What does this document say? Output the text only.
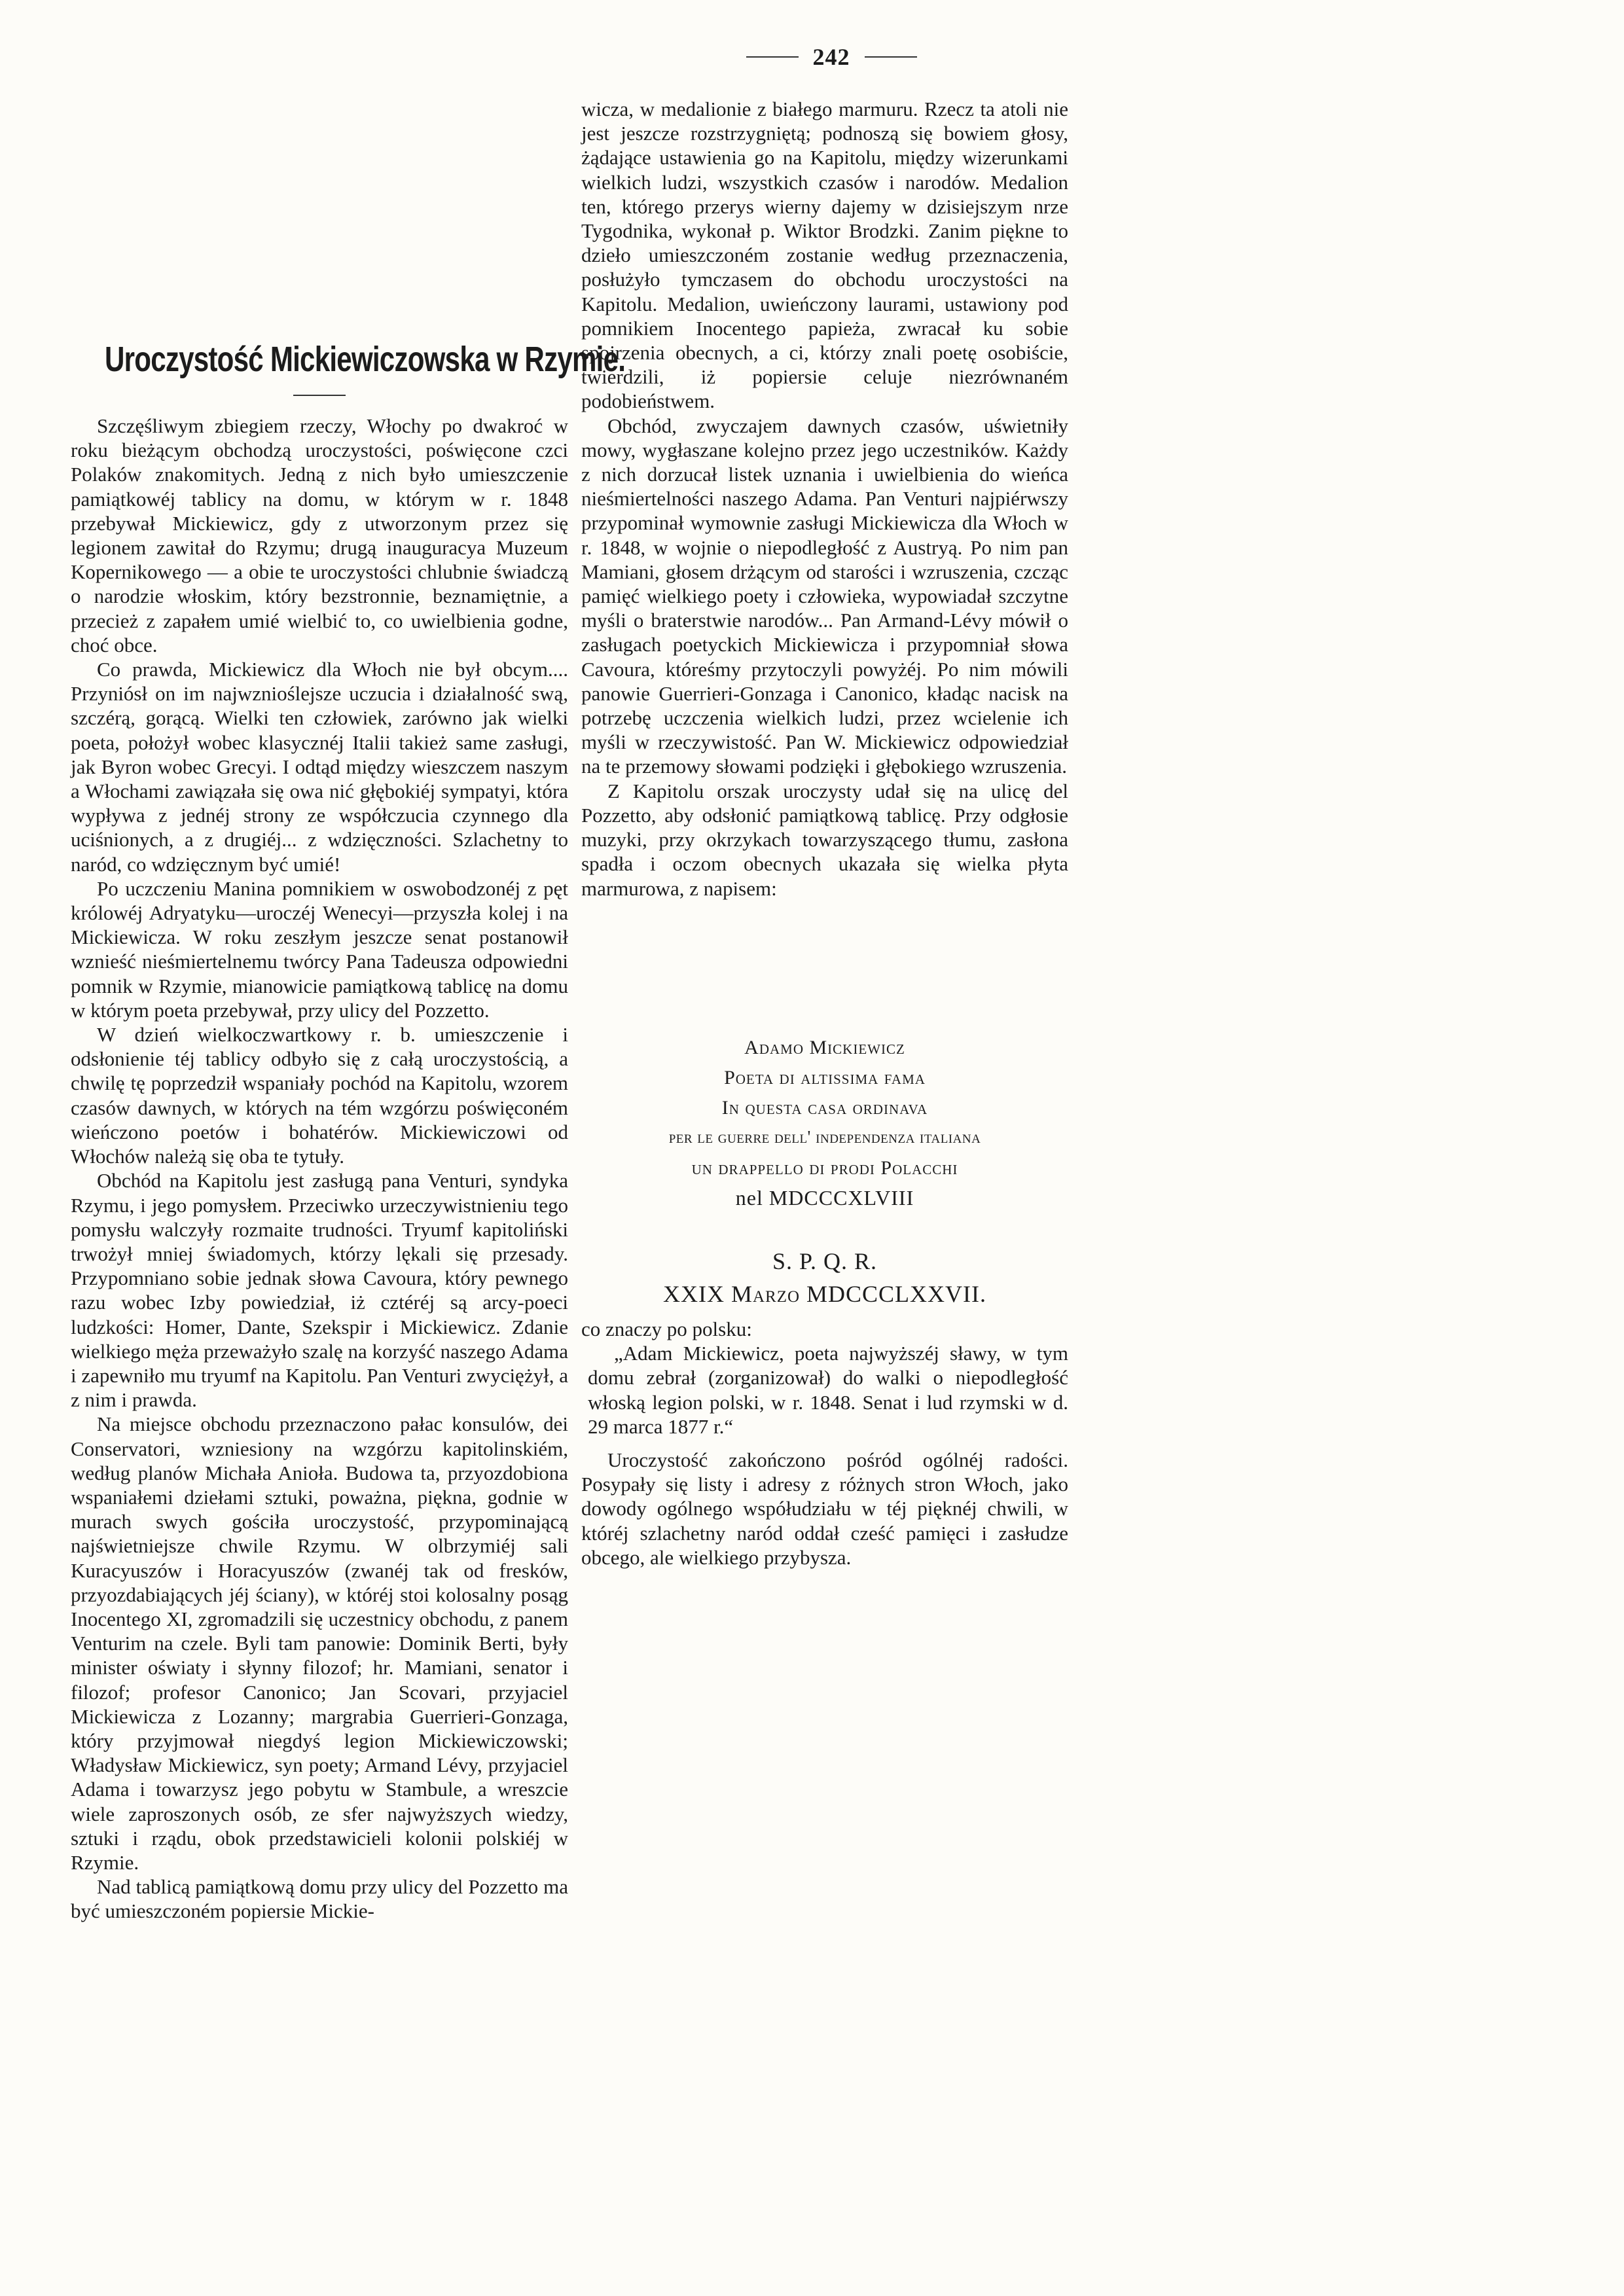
242
Uroczystość Mickiewiczowska w Rzymie.

Szczęśliwym zbiegiem rzeczy, Włochy po dwakroć w roku bieżącym obchodzą uroczystości, poświęcone czci Polaków znakomitych. Jedną z nich było umieszczenie pamiątkowéj tablicy na domu, w którym w r. 1848 przebywał Mickiewicz, gdy z utworzonym przez się legionem zawitał do Rzymu; drugą inauguracya Muzeum Kopernikowego — a obie te uroczystości chlubnie świadczą o narodzie włoskim, który bezstronnie, beznamiętnie, a przecież z zapałem umié wielbić to, co uwielbienia godne, choć obce.

Co prawda, Mickiewicz dla Włoch nie był obcym.... Przyniósł on im najwznioślejsze uczucia i działalność swą, szczérą, gorącą. Wielki ten człowiek, zarówno jak wielki poeta, położył wobec klasycznéj Italii takież same zasługi, jak Byron wobec Grecyi. I odtąd między wieszczem naszym a Włochami zawiązała się owa nić głębokiéj sympatyi, która wypływa z jednéj strony ze współczucia czynnego dla uciśnionych, a z drugiéj... z wdzięczności. Szlachetny to naród, co wdzięcznym być umié!

Po uczczeniu Manina pomnikiem w oswobodzonéj z pęt królowéj Adryatyku—uroczéj Wenecyi—przyszła kolej i na Mickiewicza. W roku zeszłym jeszcze senat postanowił wznieść nieśmiertelnemu twórcy Pana Tadeusza odpowiedni pomnik w Rzymie, mianowicie pamiątkową tablicę na domu w którym poeta przebywał, przy ulicy del Pozzetto.

W dzień wielkoczwartkowy r. b. umieszczenie i odsłonienie téj tablicy odbyło się z całą uroczystością, a chwilę tę poprzedził wspaniały pochód na Kapitolu, wzorem czasów dawnych, w których na tém wzgórzu poświęconém wieńczono poetów i bohatérów. Mickiewiczowi od Włochów należą się oba te tytuły.

Obchód na Kapitolu jest zasługą pana Venturi, syndyka Rzymu, i jego pomysłem. Przeciwko urzeczywistnieniu tego pomysłu walczyły rozmaite trudności. Tryumf kapitoliński trwożył mniej świadomych, którzy lękali się przesady. Przypomniano sobie jednak słowa Cavoura, który pewnego razu wobec Izby powiedział, iż cztéréj są arcy-poeci ludzkości: Homer, Dante, Szekspir i Mickiewicz. Zdanie wielkiego męża przeważyło szalę na korzyść naszego Adama i zapewniło mu tryumf na Kapitolu. Pan Venturi zwyciężył, a z nim i prawda.

Na miejsce obchodu przeznaczono pałac konsulów, dei Conservatori, wzniesiony na wzgórzu kapitolinskiém, według planów Michała Anioła. Budowa ta, przyozdobiona wspaniałemi dziełami sztuki, poważna, piękna, godnie w murach swych gościła uroczystość, przypominającą najświetniejsze chwile Rzymu. W olbrzymiéj sali Kuracyuszów i Horacyuszów (zwanéj tak od fresków, przyozdabiających jéj ściany), w któréj stoi kolosalny posąg Inocentego XI, zgromadzili się uczestnicy obchodu, z panem Venturim na czele. Byli tam panowie: Dominik Berti, były minister oświaty i słynny filozof; hr. Mamiani, senator i filozof; profesor Canonico; Jan Scovari, przyjaciel Mickiewicza z Lozanny; margrabia Guerrieri-Gonzaga, który przyjmował niegdyś legion Mickiewiczowski; Władysław Mickiewicz, syn poety; Armand Lévy, przyjaciel Adama i towarzysz jego pobytu w Stambule, a wreszcie wiele zaproszonych osób, ze sfer najwyższych wiedzy, sztuki i rządu, obok przedstawicieli kolonii polskiéj w Rzymie.

Nad tablicą pamiątkową domu przy ulicy del Pozzetto ma być umieszczoném popiersie Mickie-

wicza, w medalionie z białego marmuru. Rzecz ta atoli nie jest jeszcze rozstrzygniętą; podnoszą się bowiem głosy, żądające ustawienia go na Kapitolu, między wizerunkami wielkich ludzi, wszystkich czasów i narodów. Medalion ten, którego przerys wierny dajemy w dzisiejszym nrze Tygodnika, wykonał p. Wiktor Brodzki. Zanim piękne to dzieło umieszczoném zostanie według przeznaczenia, posłużyło tymczasem do obchodu uroczystości na Kapitolu. Medalion, uwieńczony laurami, ustawiony pod pomnikiem Inocentego papieża, zwracał ku sobie spojrzenia obecnych, a ci, którzy znali poetę osobiście, twierdzili, iż popiersie celuje niezrównaném podobieństwem.

Obchód, zwyczajem dawnych czasów, uświetniły mowy, wygłaszane kolejno przez jego uczestników. Każdy z nich dorzucał listek uznania i uwielbienia do wieńca nieśmiertelności naszego Adama. Pan Venturi najpiérwszy przypominał wymownie zasługi Mickiewicza dla Włoch w r. 1848, w wojnie o niepodległość z Austryą. Po nim pan Mamiani, głosem drżącym od starości i wzruszenia, czcząc pamięć wielkiego poety i człowieka, wypowiadał szczytne myśli o braterstwie narodów... Pan Armand-Lévy mówił o zasługach poetyckich Mickiewicza i przypomniał słowa Cavoura, któreśmy przytoczyli powyżéj. Po nim mówili panowie Guerrieri-Gonzaga i Canonico, kładąc nacisk na potrzebę uczczenia wielkich ludzi, przez wcielenie ich myśli w rzeczywistość. Pan W. Mickiewicz odpowiedział na te przemowy słowami podzięki i głębokiego wzruszenia.

Z Kapitolu orszak uroczysty udał się na ulicę del Pozzetto, aby odsłonić pamiątkową tablicę. Przy odgłosie muzyki, przy okrzykach towarzyszącego tłumu, zasłona spadła i oczom obecnych ukazała się wielka płyta marmurowa, z napisem:

Adamo Mickiewicz

Poeta di altissima fama

In questa casa ordinava

per le guerre dell' independenza italiana

un drappello di prodi Polacchi

nel MDCCCXLVIII

S. P. Q. R.

XXIX Marzo MDCCCLXXVII.

co znaczy po polsku:

„Adam Mickiewicz, poeta najwyższéj sławy, w tym domu zebrał (zorganizował) do walki o niepodległość włoską legion polski, w r. 1848. Senat i lud rzymski w d. 29 marca 1877 r.“

Uroczystość zakończono pośród ogólnéj radości. Posypały się listy i adresy z różnych stron Włoch, jako dowody ogólnego współudziału w téj pięknéj chwili, w któréj szlachetny naród oddał cześć pamięci i zasłudze obcego, ale wielkiego przybysza.
